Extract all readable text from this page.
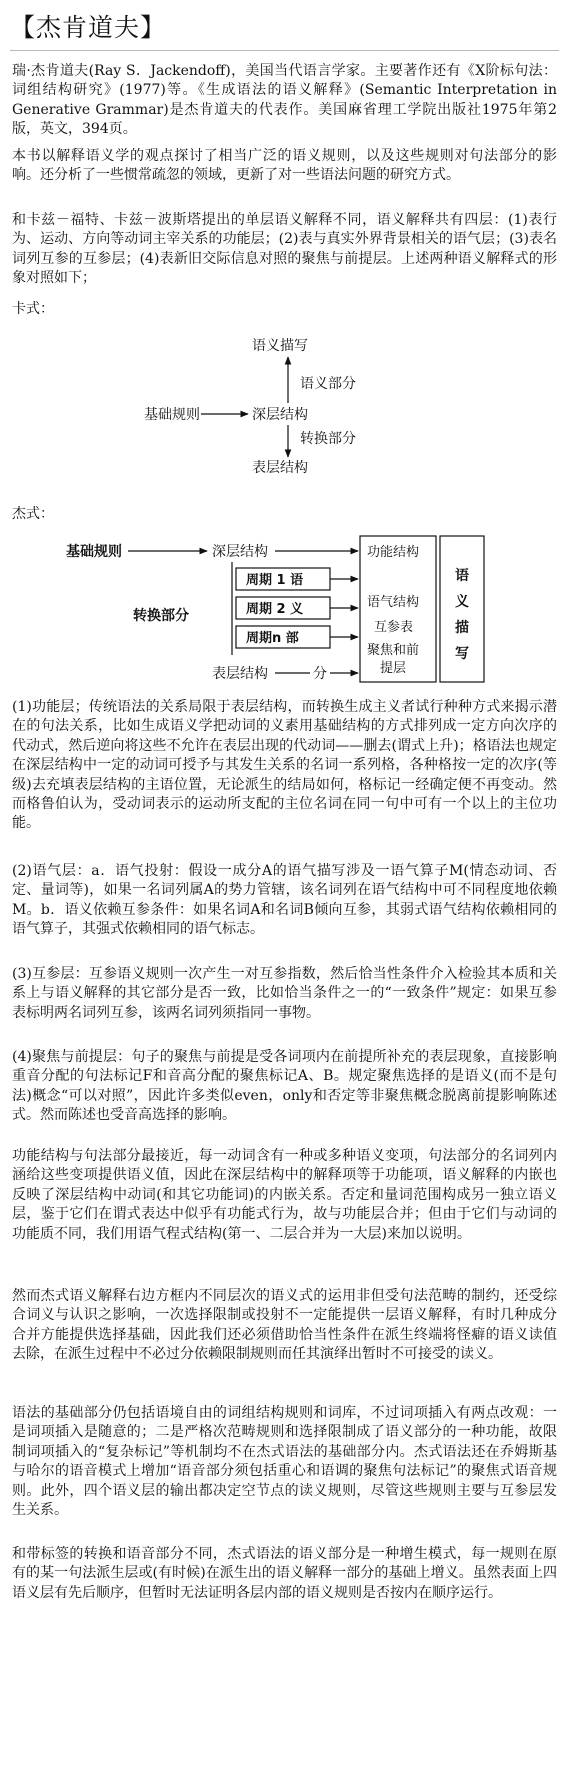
【杰肯道夫】

瑞·杰肯道夫(Ray S．Jackendoff)，美国当代语言学家。主要著作还有《X阶标句法：词组结构研究》(1977)等。《生成语法的语义解释》(Semantic Interpretation in Generative Grammar)是杰肯道夫的代表作。美国麻省理工学院出版社1975年第2版，英文，394页。

本书以解释语义学的观点探讨了相当广泛的语义规则，以及这些规则对句法部分的影响。还分析了一些惯常疏忽的领域，更新了对一些语法问题的研究方式。

和卡兹－福特、卡兹－波斯塔提出的单层语义解释不同，语义解释共有四层：(1)表行为、运动、方向等动词主宰关系的功能层；(2)表与真实外界背景相关的语气层；(3)表名词列互参的互参层；(4)表新旧交际信息对照的聚焦与前提层。上述两种语义解释式的形象对照如下；

卡式：

语义描写
语义部分
基础规则	深层结构
转换部分
表层结构

杰式：

基础规则	深层结构
周期 1 语
周期 2 义
周期n 部
转换部分
表层结构	分
功能结构
语气结构
互参表
聚焦和前
提层
语
义
描
写

(1)功能层；传统语法的关系局限于表层结构，而转换生成主义者试行种种方式来揭示潜在的句法关系，比如生成语义学把动词的义素用基础结构的方式排列成一定方向次序的代动式，然后逆向将这些不允许在表层出现的代动词——删去(谓式上升)；格语法也规定在深层结构中一定的动词可授予与其发生关系的名词一系列格，各种格按一定的次序(等级)去充填表层结构的主语位置，无论派生的结局如何，格标记一经确定便不再变动。然而格鲁伯认为，受动词表示的运动所支配的主位名词在同一句中可有一个以上的主位功能。

(2)语气层：a．语气投射：假设一成分A的语气描写涉及一语气算子M(情态动词、否定、量词等)，如果一名词列属A的势力管辖，该名词列在语气结构中可不同程度地依赖M。b．语义依赖互参条件：如果名词A和名词B倾向互参，其弱式语气结构依赖相同的语气算子，其强式依赖相同的语气标志。

(3)互参层：互参语义规则一次产生一对互参指数，然后恰当性条件介入检验其本质和关系上与语义解释的其它部分是否一致，比如恰当条件之一的“一致条件”规定：如果互参表标明两名词列互参，该两名词列须指同一事物。

(4)聚焦与前提层：句子的聚焦与前提是受各词项内在前提所补充的表层现象，直接影响重音分配的句法标记F和音高分配的聚焦标记A、B。规定聚焦选择的是语义(而不是句法)概念“可以对照”，因此许多类似even，only和否定等非聚焦概念脱离前提影响陈述式。然而陈述也受音高选择的影响。

功能结构与句法部分最接近，每一动词含有一种或多种语义变项，句法部分的名词列内涵给这些变项提供语义值，因此在深层结构中的解释项等于功能项，语义解释的内嵌也反映了深层结构中动词(和其它功能词)的内嵌关系。否定和量词范围构成另一独立语义层，鉴于它们在谓式表达中似乎有功能式行为，故与功能层合并；但由于它们与动词的功能质不同，我们用语气程式结构(第一、二层合并为一大层)来加以说明。

然而杰式语义解释右边方框内不同层次的语义式的运用非但受句法范畴的制约，还受综合词义与认识之影响，一次选择限制或投射不一定能提供一层语义解释，有时几种成分合并方能提供选择基础，因此我们还必须借助恰当性条件在派生终端将怪癖的语义读值去除，在派生过程中不必过分依赖限制规则而任其演绎出暂时不可接受的读义。

语法的基础部分仍包括语境自由的词组结构规则和词库，不过词项插入有两点改观：一是词项插入是随意的；二是严格次范畴规则和选择限制成了语义部分的一种功能，故限制词项插入的“复杂标记”等机制均不在杰式语法的基础部分内。杰式语法还在乔姆斯基与哈尔的语音模式上增加“语音部分须包括重心和语调的聚焦句法标记”的聚焦式语音规则。此外，四个语义层的输出都决定空节点的读义规则，尽管这些规则主要与互参层发生关系。

和带标签的转换和语音部分不同，杰式语法的语义部分是一种增生模式，每一规则在原有的某一句法派生层或(有时候)在派生出的语义解释一部分的基础上增义。虽然表面上四语义层有先后顺序，但暂时无法证明各层内部的语义规则是否按内在顺序运行。
